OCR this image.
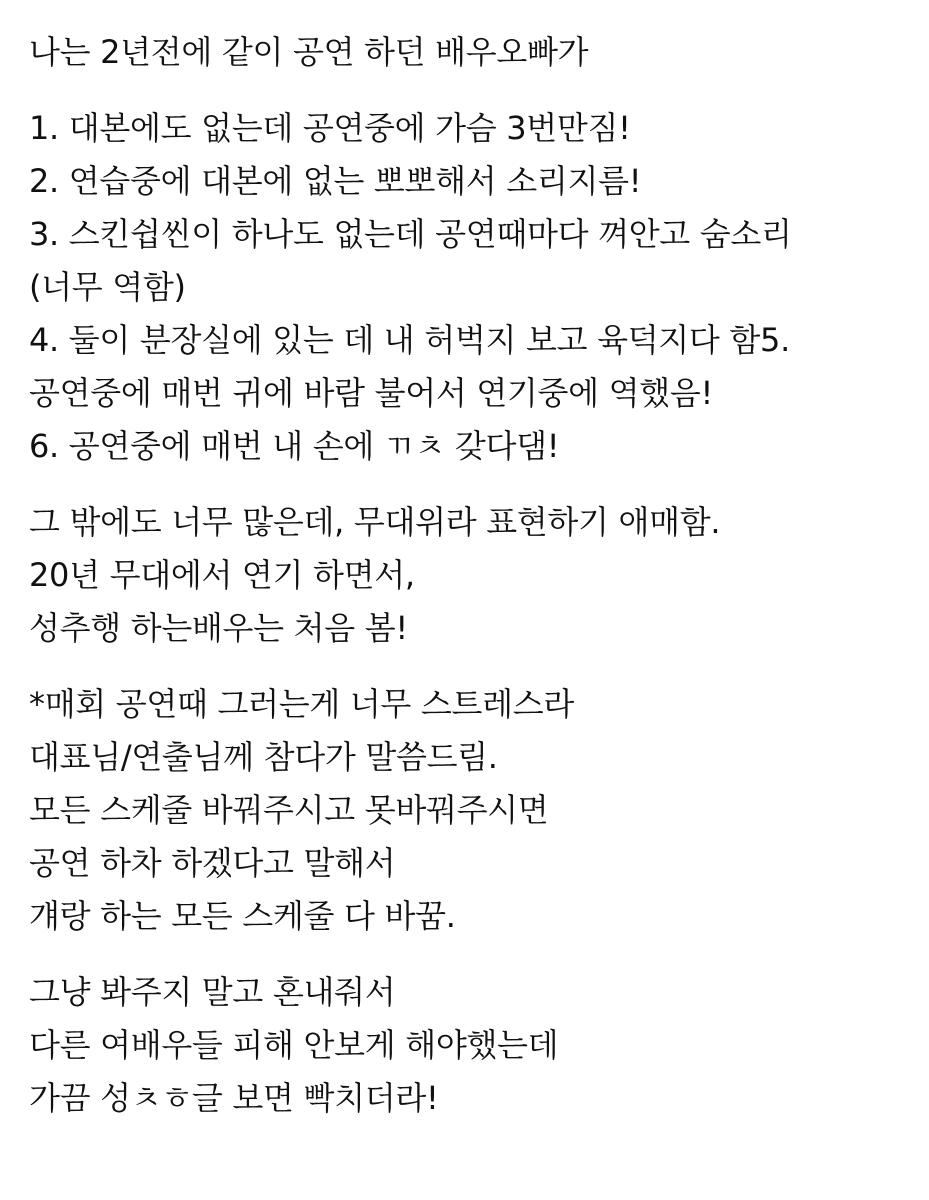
나는 2년전에 같이 공연 하던 배우오빠가
1. 대본에도 없는데 공연중에 가슴 3번만짐!
2. 연습중에 대본에 없는 뽀뽀해서 소리지름!
3. 스킨쉽씬이 하나도 없는데 공연때마다 껴안고 숨소리
(너무 역함)
4. 둘이 분장실에 있는 데 내 허벅지 보고 육덕지다 함5.
공연중에 매번 귀에 바람 불어서 연기중에 역했음!
6. 공연중에 매번 내 손에 ㄲㅊ 갖다댐!
그 밖에도 너무 많은데, 무대위라 표현하기 애매함.
20년 무대에서 연기 하면서,
성추행 하는배우는 처음 봄!
*매회 공연때 그러는게 너무 스트레스라
대표님/연출님께 참다가 말씀드림.
모든 스케줄 바꿔주시고 못바꿔주시면
공연 하차 하겠다고 말해서
걔랑 하는 모든 스케줄 다 바꿈.
그냥 봐주지 말고 혼내줘서
다른 여배우들 피해 안보게 해야했는데
가끔 성ㅊㅎ글 보면 빡치더라!
